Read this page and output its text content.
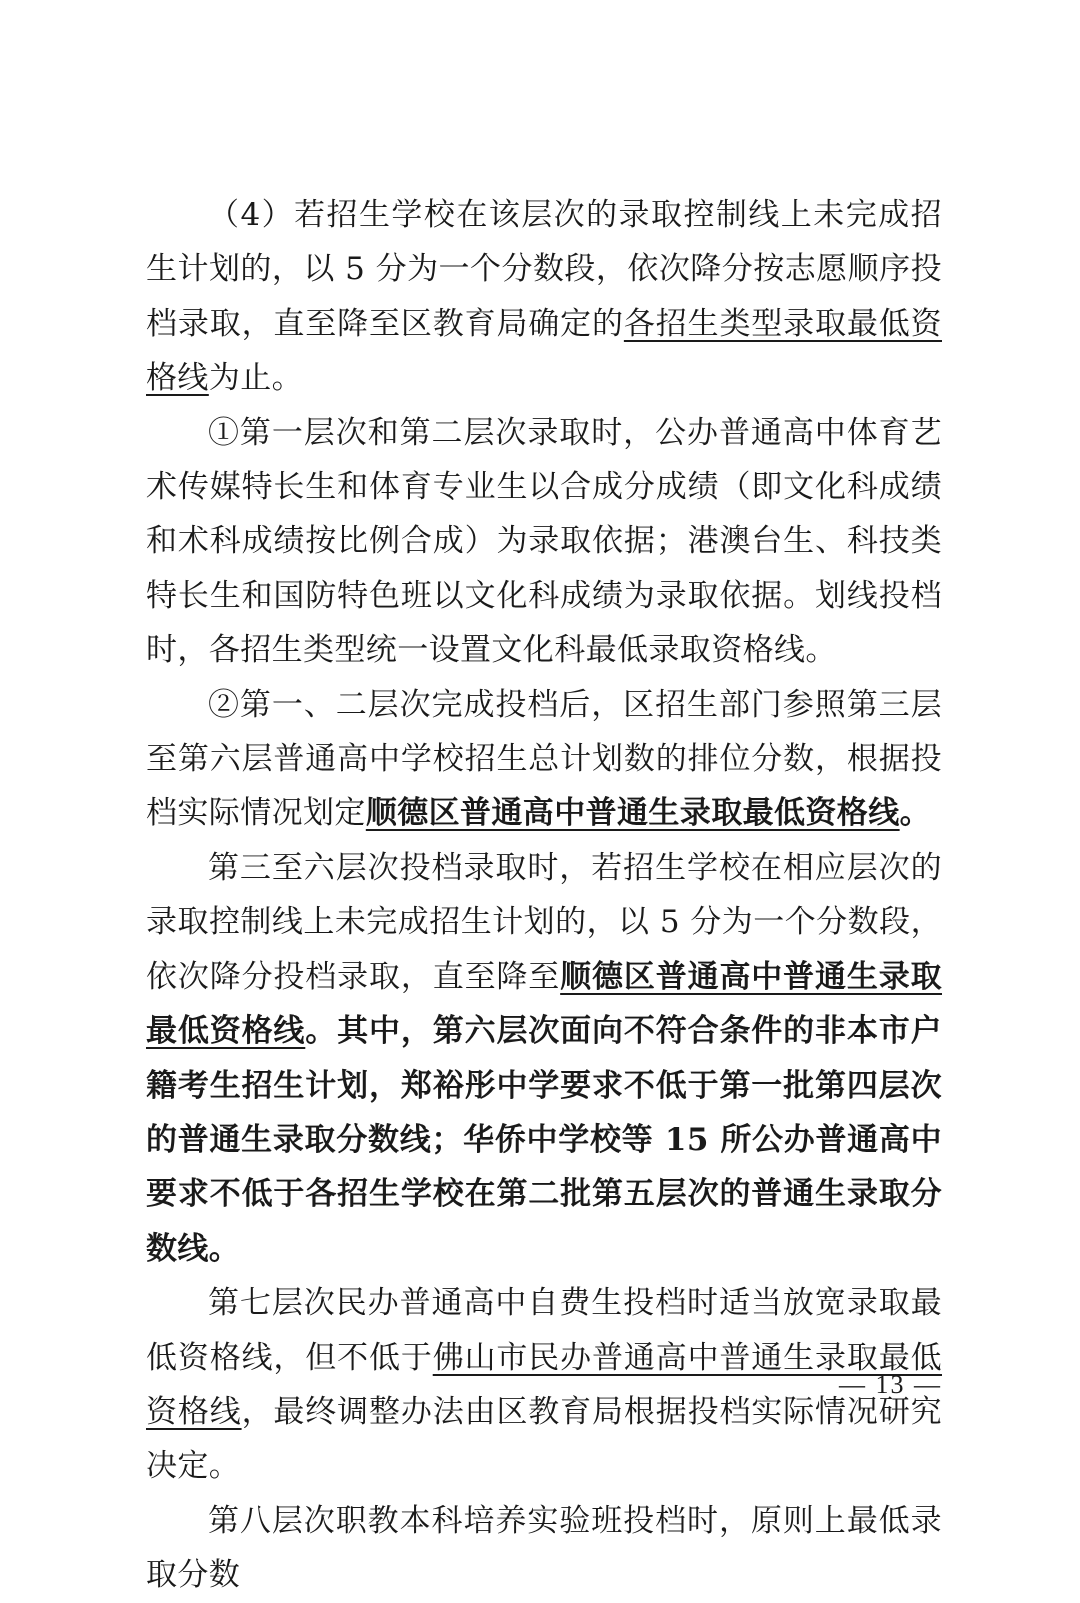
（4）若招生学校在该层次的录取控制线上未完成招生计划的，以 5 分为一个分数段，依次降分按志愿顺序投档录取，直至降至区教育局确定的各招生类型录取最低资格线为止。

①第一层次和第二层次录取时，公办普通高中体育艺术传媒特长生和体育专业生以合成分成绩（即文化科成绩和术科成绩按比例合成）为录取依据；港澳台生、科技类特长生和国防特色班以文化科成绩为录取依据。划线投档时，各招生类型统一设置文化科最低录取资格线。

②第一、二层次完成投档后，区招生部门参照第三层至第六层普通高中学校招生总计划数的排位分数，根据投档实际情况划定顺德区普通高中普通生录取最低资格线。

第三至六层次投档录取时，若招生学校在相应层次的录取控制线上未完成招生计划的，以 5 分为一个分数段，依次降分投档录取，直至降至顺德区普通高中普通生录取最低资格线。其中，第六层次面向不符合条件的非本市户籍考生招生计划，郑裕彤中学要求不低于第一批第四层次的普通生录取分数线；华侨中学校等 15 所公办普通高中要求不低于各招生学校在第二批第五层次的普通生录取分数线。

第七层次民办普通高中自费生投档时适当放宽录取最低资格线，但不低于佛山市民办普通高中普通生录取最低资格线，最终调整办法由区教育局根据投档实际情况研究决定。

第八层次职教本科培养实验班投档时，原则上最低录取分数

— 13 —
